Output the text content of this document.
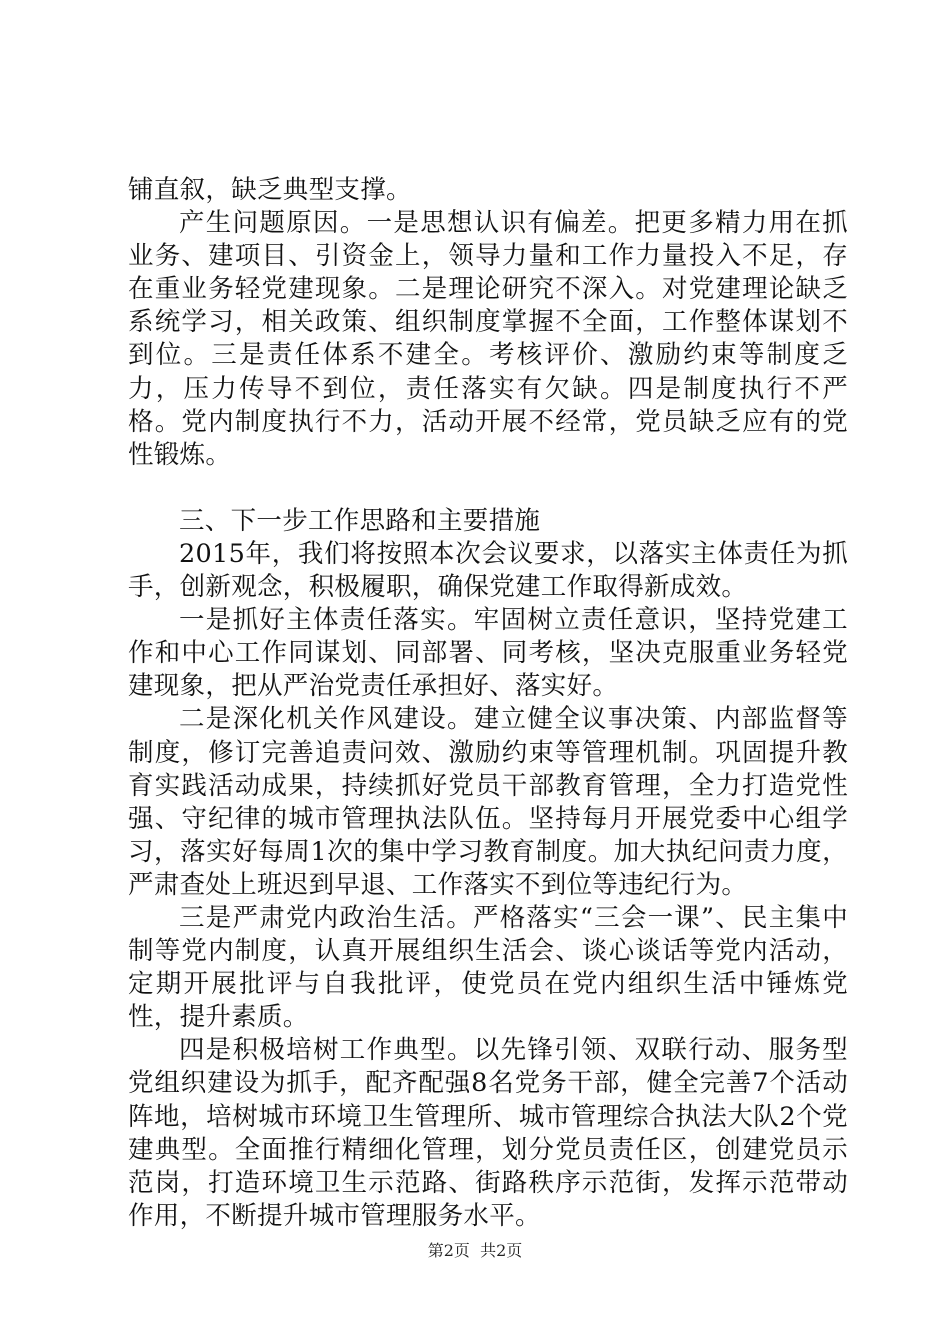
铺直叙，缺乏典型支撑。

产生问题原因。一是思想认识有偏差。把更多精力用在抓业务、建项目、引资金上，领导力量和工作力量投入不足，存在重业务轻党建现象。二是理论研究不深入。对党建理论缺乏系统学习，相关政策、组织制度掌握不全面，工作整体谋划不到位。三是责任体系不建全。考核评价、激励约束等制度乏力，压力传导不到位，责任落实有欠缺。四是制度执行不严格。党内制度执行不力，活动开展不经常，党员缺乏应有的党性锻炼。

三、下一步工作思路和主要措施

2015年，我们将按照本次会议要求，以落实主体责任为抓手，创新观念，积极履职，确保党建工作取得新成效。

一是抓好主体责任落实。牢固树立责任意识，坚持党建工作和中心工作同谋划、同部署、同考核，坚决克服重业务轻党建现象，把从严治党责任承担好、落实好。

二是深化机关作风建设。建立健全议事决策、内部监督等制度，修订完善追责问效、激励约束等管理机制。巩固提升教育实践活动成果，持续抓好党员干部教育管理，全力打造党性强、守纪律的城市管理执法队伍。坚持每月开展党委中心组学习，落实好每周1次的集中学习教育制度。加大执纪问责力度，严肃查处上班迟到早退、工作落实不到位等违纪行为。

三是严肃党内政治生活。严格落实“三会一课”、民主集中制等党内制度，认真开展组织生活会、谈心谈话等党内活动，定期开展批评与自我批评，使党员在党内组织生活中锤炼党性，提升素质。

四是积极培树工作典型。以先锋引领、双联行动、服务型党组织建设为抓手，配齐配强8名党务干部，健全完善7个活动阵地，培树城市环境卫生管理所、城市管理综合执法大队2个党建典型。全面推行精细化管理，划分党员责任区，创建党员示范岗，打造环境卫生示范路、街路秩序示范街，发挥示范带动作用，不断提升城市管理服务水平。

第2页 共2页
